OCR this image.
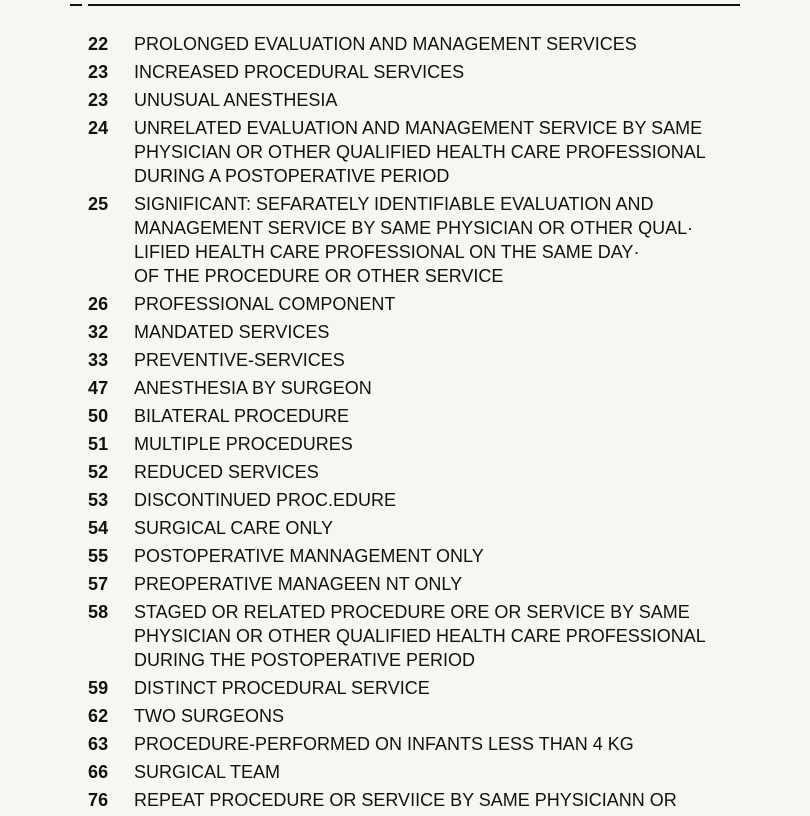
22	PROLONGED EVALUATION AND MANAGEMENT SERVICES
23	INCREASED PROCEDURAL SERVICES
23	UNUSUAL ANESTHESIA
24	UNRELATED EVALUATION AND MANAGEMENT SERVICE BY SAME
PHYSICIAN OR OTHER QUALIFIED HEALTH CARE PROFESSIONAL
DURING A POSTOPERATIVE PERIOD
25	SIGNIFICANT: SEFARATELY IDENTIFIABLE EVALUATION AND
MANAGEMENT SERVICE BY SAME PHYSICIAN OR OTHER QUAL·
LIFIED HEALTH CARE PROFESSIONAL ON THE SAME DAY·
OF THE PROCEDURE OR OTHER SERVICE
26	PROFESSIONAL COMPONENT
32	MANDATED SERVICES
33	PREVENTIVE-SERVICES
47	ANESTHESIA BY SURGEON
50	BILATERAL PROCEDURE
51	MULTIPLE PROCEDURES
52	REDUCED SERVICES
53	DISCONTINUED PROC.EDURE
54	SURGICAL CARE ONLY
55	POSTOPERATIVE MANNAGEMENT ONLY
57	PREOPERATIVE MANAGEEN NT ONLY
58	STAGED OR RELATED PROCEDURE ORE OR SERVICE BY SAME
PHYSICIAN OR OTHER QUALIFIED HEALTH CARE PROFESSIONAL
DURING THE POSTOPERATIVE PERIOD
59	DISTINCT PROCEDURAL SERVICE
62	TWO SURGEONS
63	PROCEDURE-PERFORMED ON INFANTS LESS THAN 4 KG
66	SURGICAL TEAM
76	REPEAT PROCEDURE OR SERVIICE BY SAME PHYSICIANN OR
